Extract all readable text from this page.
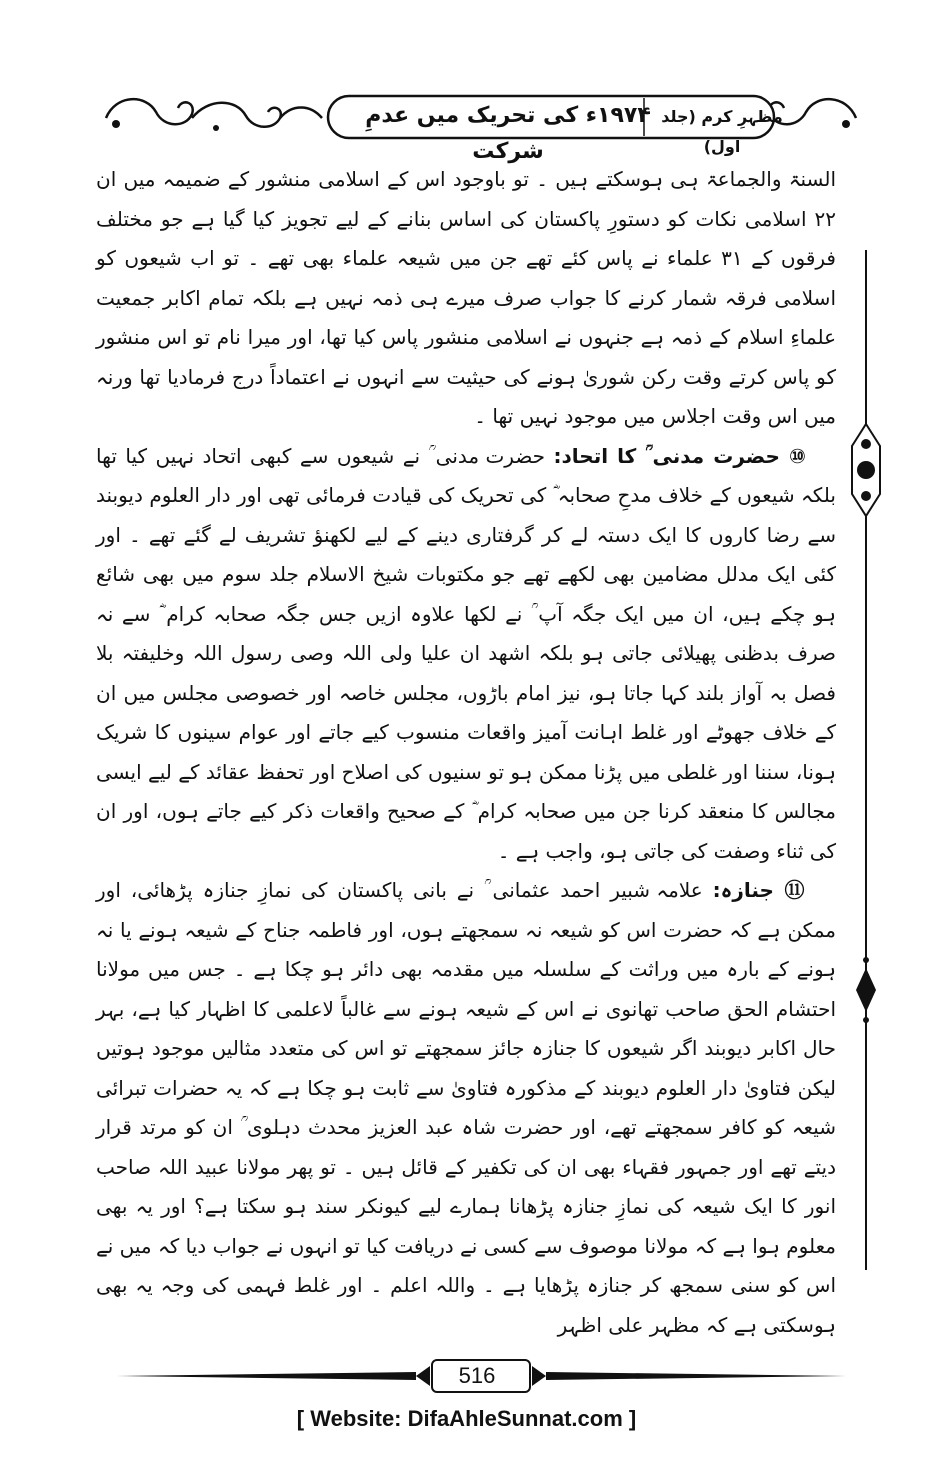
۱۹۷۴ء کی تحریک میں عدمِ شرکت
مظہرِ کرم (جلد اول)

السنۃ والجماعۃ ہی ہوسکتے ہیں ۔ تو باوجود اس کے اسلامی منشور کے ضمیمہ میں ان ۲۲ اسلامی نکات کو دستورِ پاکستان کی اساس بنانے کے لیے تجویز کیا گیا ہے جو مختلف فرقوں کے ۳۱ علماء نے پاس کئے تھے جن میں شیعہ علماء بھی تھے ۔ تو اب شیعوں کو اسلامی فرقہ شمار کرنے کا جواب صرف میرے ہی ذمہ نہیں ہے بلکہ تمام اکابر جمعیت علماءِ اسلام کے ذمہ ہے جنہوں نے اسلامی منشور پاس کیا تھا، اور میرا نام تو اس منشور کو پاس کرتے وقت رکن شوریٰ ہونے کی حیثیت سے انہوں نے اعتماداً درج فرمادیا تھا ورنہ میں اس وقت اجلاس میں موجود نہیں تھا ۔

⑩ حضرت مدنی ؒ کا اتحاد: حضرت مدنی ؒ نے شیعوں سے کبھی اتحاد نہیں کیا تھا بلکہ شیعوں کے خلاف مدحِ صحابہ ؓ کی تحریک کی قیادت فرمائی تھی اور دار العلوم دیوبند سے رضا کاروں کا ایک دستہ لے کر گرفتاری دینے کے لیے لکھنؤ تشریف لے گئے تھے ۔ اور کئی ایک مدلل مضامین بھی لکھے تھے جو مکتوبات شیخ الاسلام جلد سوم میں بھی شائع ہو چکے ہیں، ان میں ایک جگہ آپ ؒ نے لکھا علاوہ ازیں جس جگہ صحابہ کرام ؓ سے نہ صرف بدظنی پھیلائی جاتی ہو بلکہ اشھد ان علیا ولی اللہ وصی رسول اللہ وخلیفتہ بلا فصل بہ آواز بلند کہا جاتا ہو، نیز امام باڑوں، مجلس خاصہ اور خصوصی مجلس میں ان کے خلاف جھوٹے اور غلط اہانت آمیز واقعات منسوب کیے جاتے اور عوام سینوں کا شریک ہونا، سننا اور غلطی میں پڑنا ممکن ہو تو سنیوں کی اصلاح اور تحفظ عقائد کے لیے ایسی مجالس کا منعقد کرنا جن میں صحابہ کرام ؓ کے صحیح واقعات ذکر کیے جاتے ہوں، اور ان کی ثناء وصفت کی جاتی ہو، واجب ہے ۔

⑪ جنازہ: علامہ شبیر احمد عثمانی ؒ نے بانی پاکستان کی نمازِ جنازہ پڑھائی، اور ممکن ہے کہ حضرت اس کو شیعہ نہ سمجھتے ہوں، اور فاطمہ جناح کے شیعہ ہونے یا نہ ہونے کے بارہ میں وراثت کے سلسلہ میں مقدمہ بھی دائر ہو چکا ہے ۔ جس میں مولانا احتشام الحق صاحب تھانوی نے اس کے شیعہ ہونے سے غالباً لاعلمی کا اظہار کیا ہے، بہر حال اکابر دیوبند اگر شیعوں کا جنازہ جائز سمجھتے تو اس کی متعدد مثالیں موجود ہوتیں لیکن فتاویٰ دار العلوم دیوبند کے مذکورہ فتاویٰ سے ثابت ہو چکا ہے کہ یہ حضرات تبرائی شیعہ کو کافر سمجھتے تھے، اور حضرت شاہ عبد العزیز محدث دہلوی ؒ ان کو مرتد قرار دیتے تھے اور جمہور فقہاء بھی ان کی تکفیر کے قائل ہیں ۔ تو پھر مولانا عبید اللہ صاحب انور کا ایک شیعہ کی نمازِ جنازہ پڑھانا ہمارے لیے کیونکر سند ہو سکتا ہے؟ اور یہ بھی معلوم ہوا ہے کہ مولانا موصوف سے کسی نے دریافت کیا تو انہوں نے جواب دیا کہ میں نے اس کو سنی سمجھ کر جنازہ پڑھایا ہے ۔ واللہ اعلم ۔ اور غلط فہمی کی وجہ یہ بھی ہوسکتی ہے کہ مظہر علی اظہر

516
[ Website: DifaAhleSunnat.com ]
